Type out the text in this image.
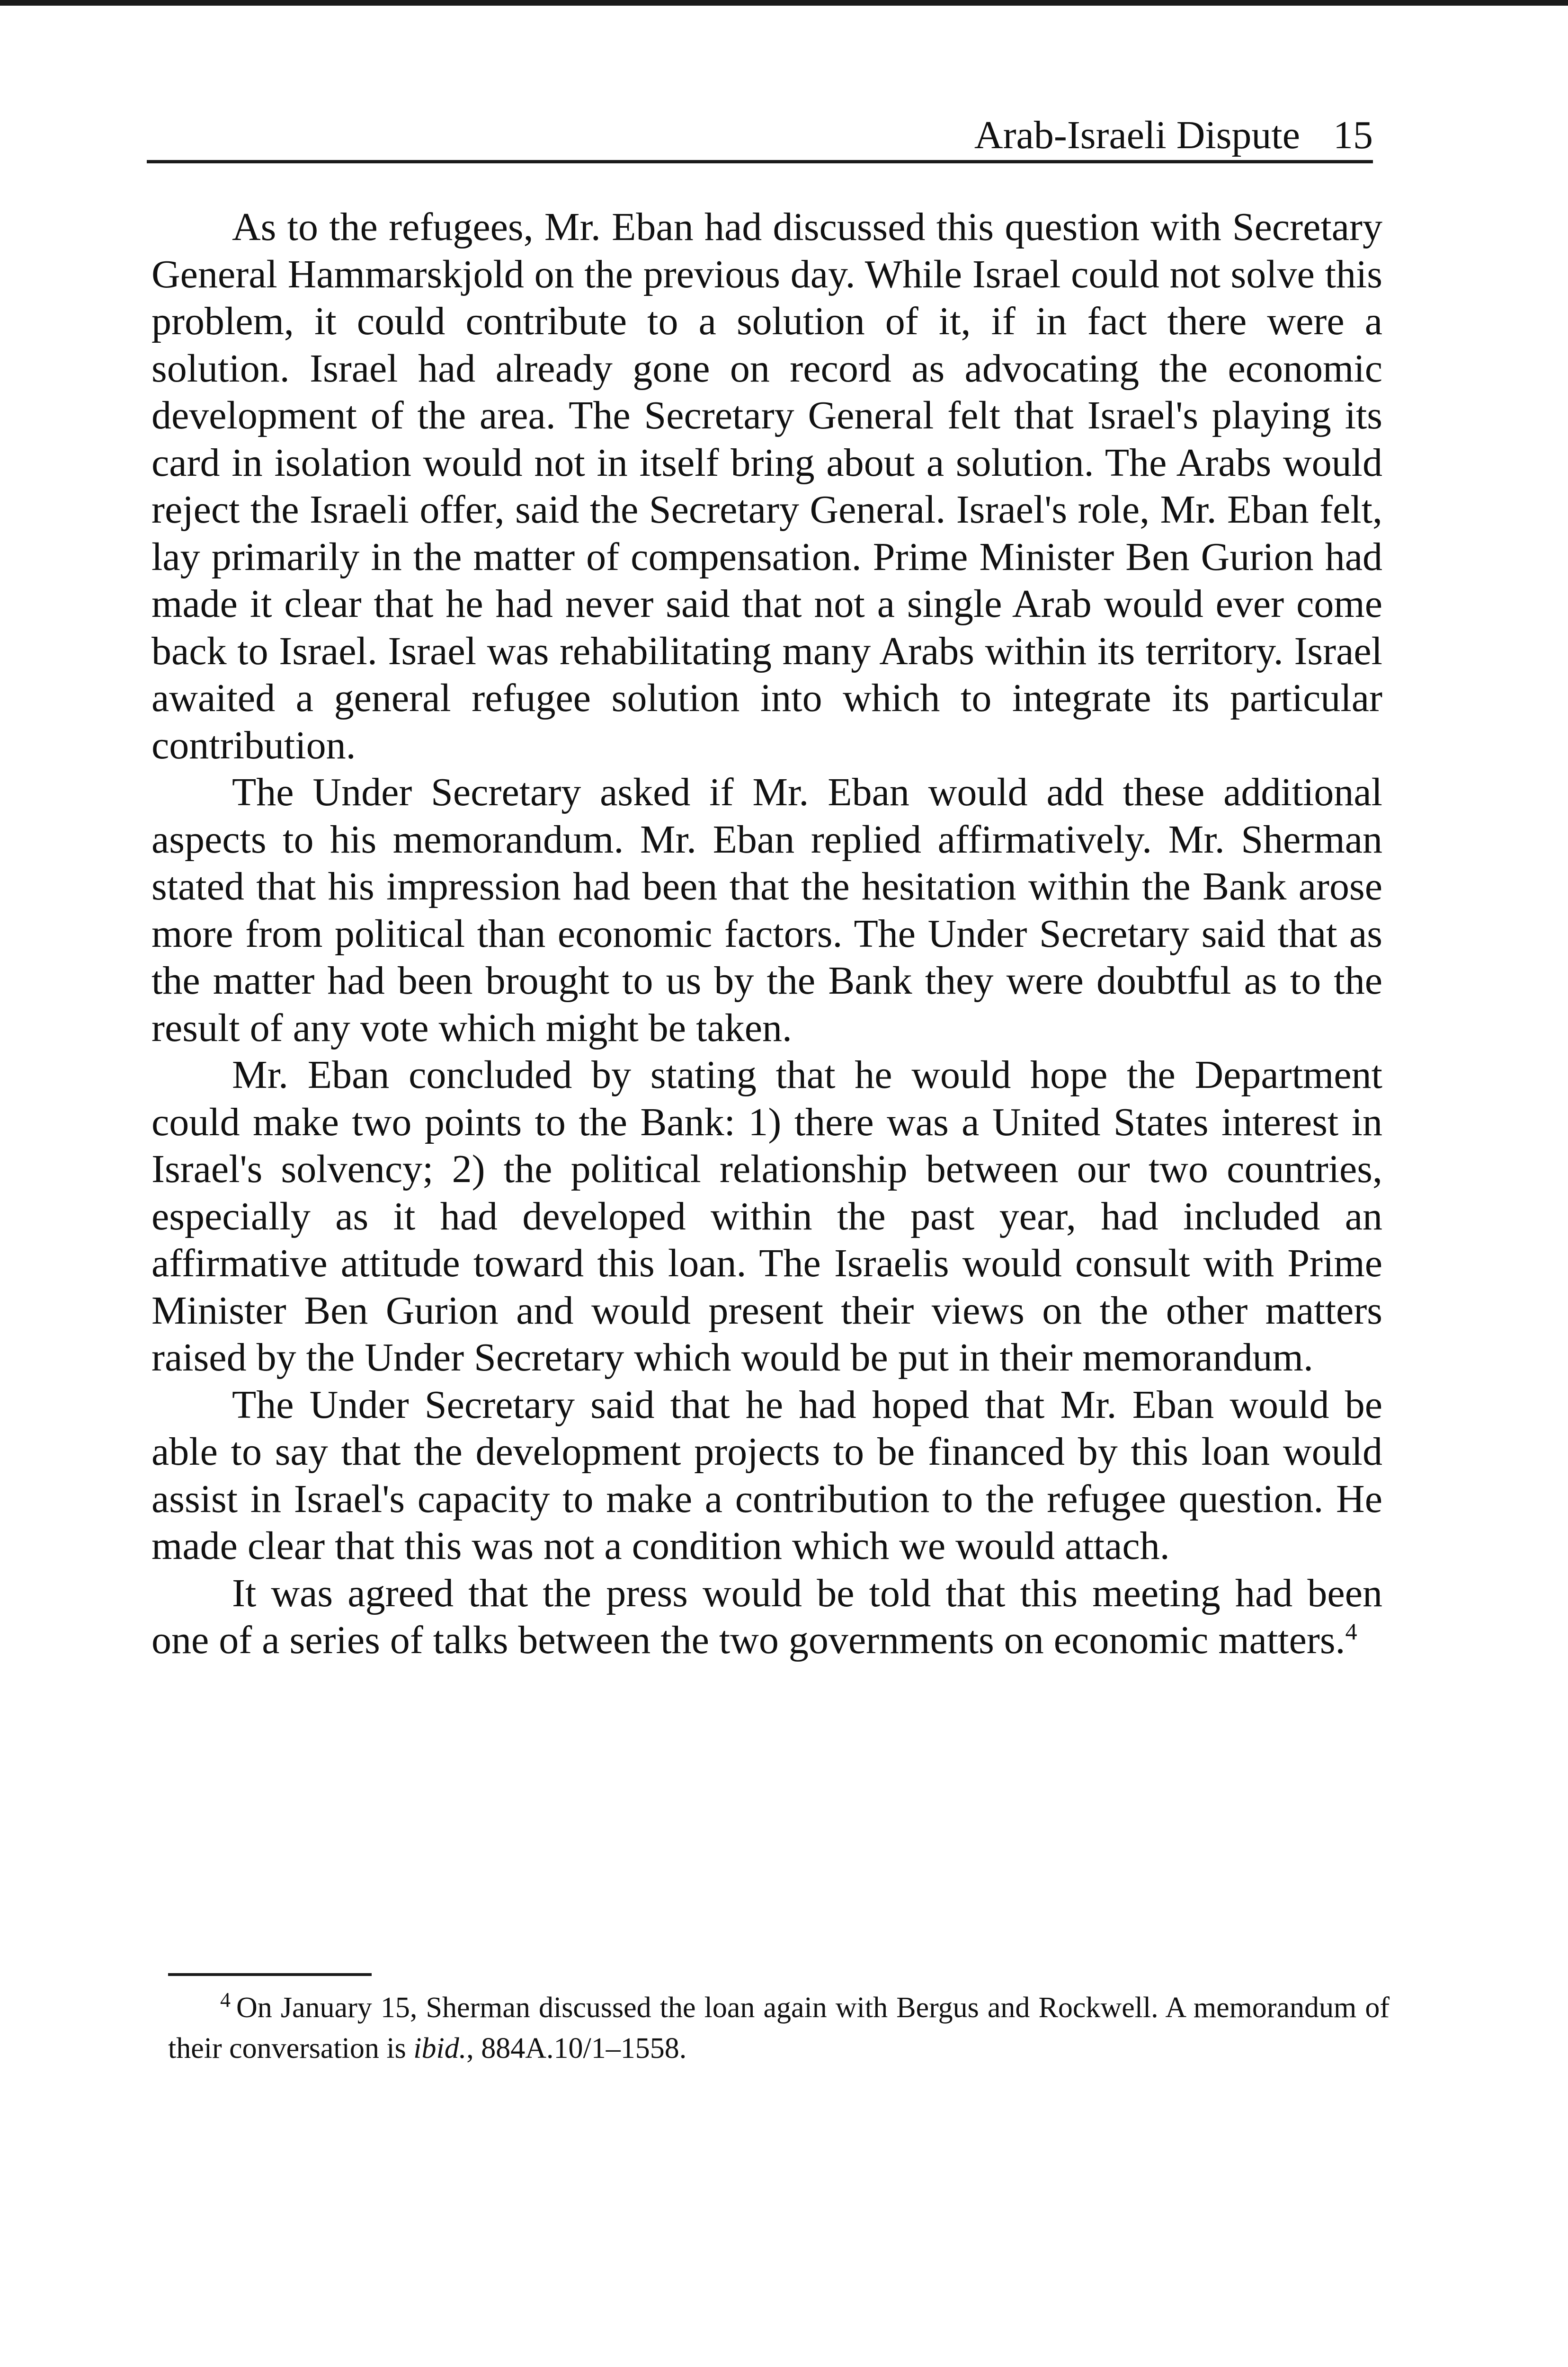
Arab-Israeli Dispute 15

As to the refugees, Mr. Eban had discussed this question with Secretary General Hammarskjold on the previous day. While Israel could not solve this problem, it could contribute to a solution of it, if in fact there were a solution. Israel had already gone on record as advocating the economic development of the area. The Secretary General felt that Israel's playing its card in isolation would not in itself bring about a solution. The Arabs would reject the Israeli offer, said the Secretary General. Israel's role, Mr. Eban felt, lay primarily in the matter of compensation. Prime Minister Ben Gurion had made it clear that he had never said that not a single Arab would ever come back to Israel. Israel was rehabilitating many Arabs within its territory. Israel awaited a general refugee solution into which to integrate its particular contribution.

The Under Secretary asked if Mr. Eban would add these additional aspects to his memorandum. Mr. Eban replied affirmatively. Mr. Sherman stated that his impression had been that the hesitation within the Bank arose more from political than economic factors. The Under Secretary said that as the matter had been brought to us by the Bank they were doubtful as to the result of any vote which might be taken.

Mr. Eban concluded by stating that he would hope the Department could make two points to the Bank: 1) there was a United States interest in Israel's solvency; 2) the political relationship between our two countries, especially as it had developed within the past year, had included an affirmative attitude toward this loan. The Israelis would consult with Prime Minister Ben Gurion and would present their views on the other matters raised by the Under Secretary which would be put in their memorandum.

The Under Secretary said that he had hoped that Mr. Eban would be able to say that the development projects to be financed by this loan would assist in Israel's capacity to make a contribution to the refugee question. He made clear that this was not a condition which we would attach.

It was agreed that the press would be told that this meeting had been one of a series of talks between the two governments on economic matters.$^4$

$^4$ On January 15, Sherman discussed the loan again with Bergus and Rockwell. A memorandum of their conversation is ibid., 884A.10/1–1558.
